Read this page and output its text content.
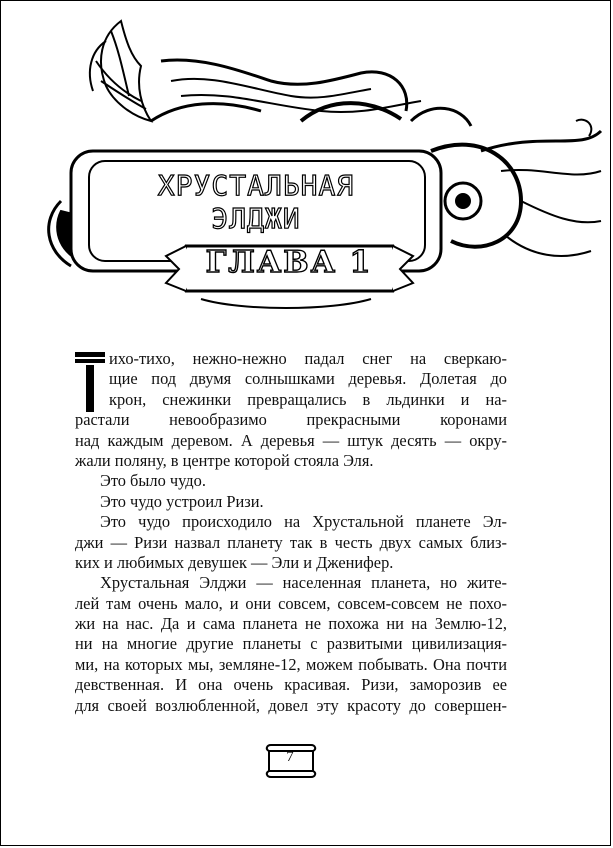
ХРУСТАЛЬНАЯ ЭЛДЖИ
ГЛАВА 1
ихо-тихо, нежно-нежно падал снег на сверкаю-
щие под двумя солнышками деревья. Долетая до
крон, снежинки превращались в льдинки и на-
растали невообразимо прекрасными коронами
над каждым деревом. А деревья — штук десять — окру-
жали поляну, в центре которой стояла Эля.
Это было чудо.
Это чудо устроил Ризи.
Это чудо происходило на Хрустальной планете Эл-
джи — Ризи назвал планету так в честь двух самых близ-
ких и любимых девушек — Эли и Дженифер.
Хрустальная Элджи — населенная планета, но жите-
лей там очень мало, и они совсем, совсем-совсем не похо-
жи на нас. Да и сама планета не похожа ни на Землю-12,
ни на многие другие планеты с развитыми цивилизация-
ми, на которых мы, земляне-12, можем побывать. Она почти
девственная. И она очень красивая. Ризи, заморозив ее
для своей возлюбленной, довел эту красоту до совершен-
7
